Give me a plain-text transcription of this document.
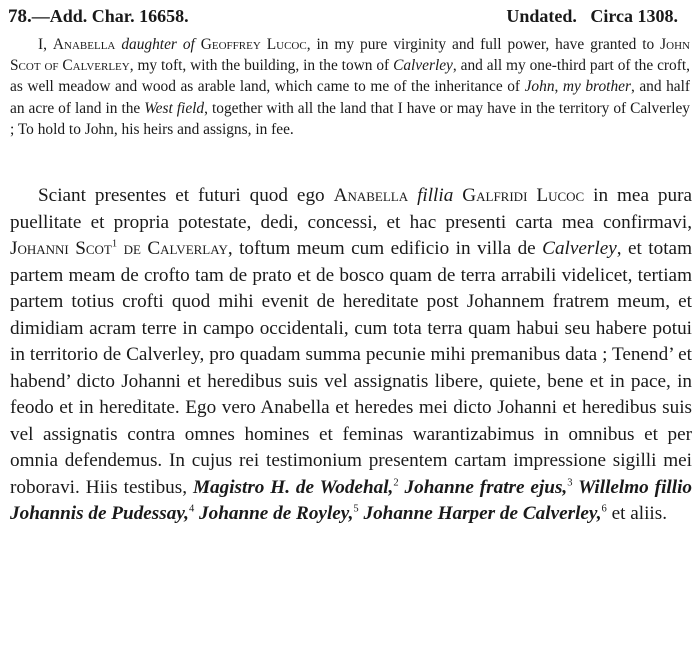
78.—Add. Char. 16658.	Undated.   Circa 1308.

I, Anabella daughter of Geoffrey Lucoc, in my pure virginity and full power, have granted to John Scot of Calverley, my toft, with the building, in the town of Calverley, and all my one-third part of the croft, as well meadow and wood as arable land, which came to me of the inheritance of John, my brother, and half an acre of land in the West field, together with all the land that I have or may have in the territory of Calverley ; To hold to John, his heirs and assigns, in fee.

Sciant presentes et futuri quod ego Anabella fillia Galfridi Lucoc in mea pura puellitate et propria potestate, dedi, concessi, et hac presenti carta mea confirmavi, Johanni Scot$^1$ de Calverlay, toftum meum cum edificio in villa de Calverley, et totam partem meam de crofto tam de prato et de bosco quam de terra arrabili videlicet, tertiam partem totius crofti quod mihi evenit de hereditate post Johannem fratrem meum, et dimidiam acram terre in campo occidentali, cum tota terra quam habui seu habere potui in territorio de Calverley, pro quadam summa pecunie mihi premanibus data ; Tenend’ et habend’ dicto Johanni et heredibus suis vel assignatis libere, quiete, bene et in pace, in feodo et in hereditate. Ego vero Anabella et heredes mei dicto Johanni et heredibus suis vel assignatis contra omnes homines et feminas warantizabimus in omnibus et per omnia defendemus. In cujus rei testimonium presentem cartam impressione sigilli mei roboravi. Hiis testibus, Magistro H. de Wodehal,$^2$ Johanne fratre ejus,$^3$ Willelmo fillio Johannis de Pudessay,$^4$ Johanne de Royley,$^5$ Johanne Harper de Calverley,$^6$ et aliis.
